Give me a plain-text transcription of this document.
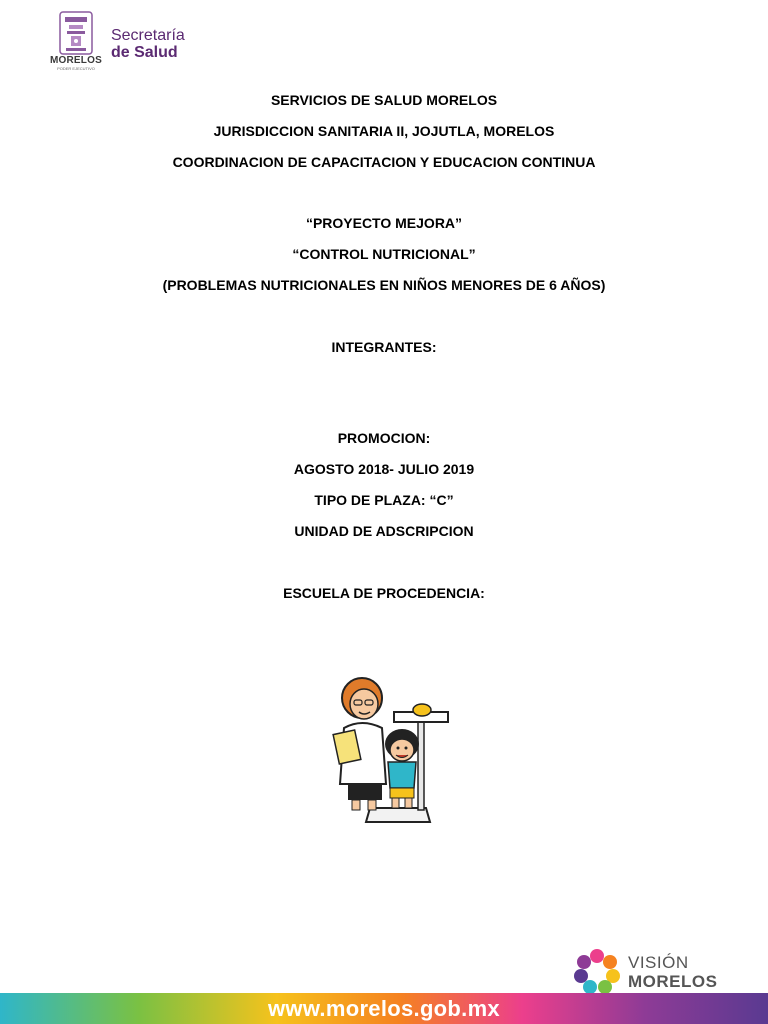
MORELOS
PODER EJECUTIVO
Secretaría
de Salud
SERVICIOS DE SALUD MORELOS
JURISDICCION SANITARIA II, JOJUTLA, MORELOS
COORDINACION DE CAPACITACION Y EDUCACION CONTINUA
“PROYECTO MEJORA”
“CONTROL NUTRICIONAL”
(PROBLEMAS NUTRICIONALES EN NIÑOS MENORES DE 6 AÑOS)
INTEGRANTES:
PROMOCION:
AGOSTO 2018- JULIO 2019
TIPO DE PLAZA: “C”
UNIDAD DE ADSCRIPCION
ESCUELA DE PROCEDENCIA:
VISIÓN
MORELOS
www.morelos.gob.mx
